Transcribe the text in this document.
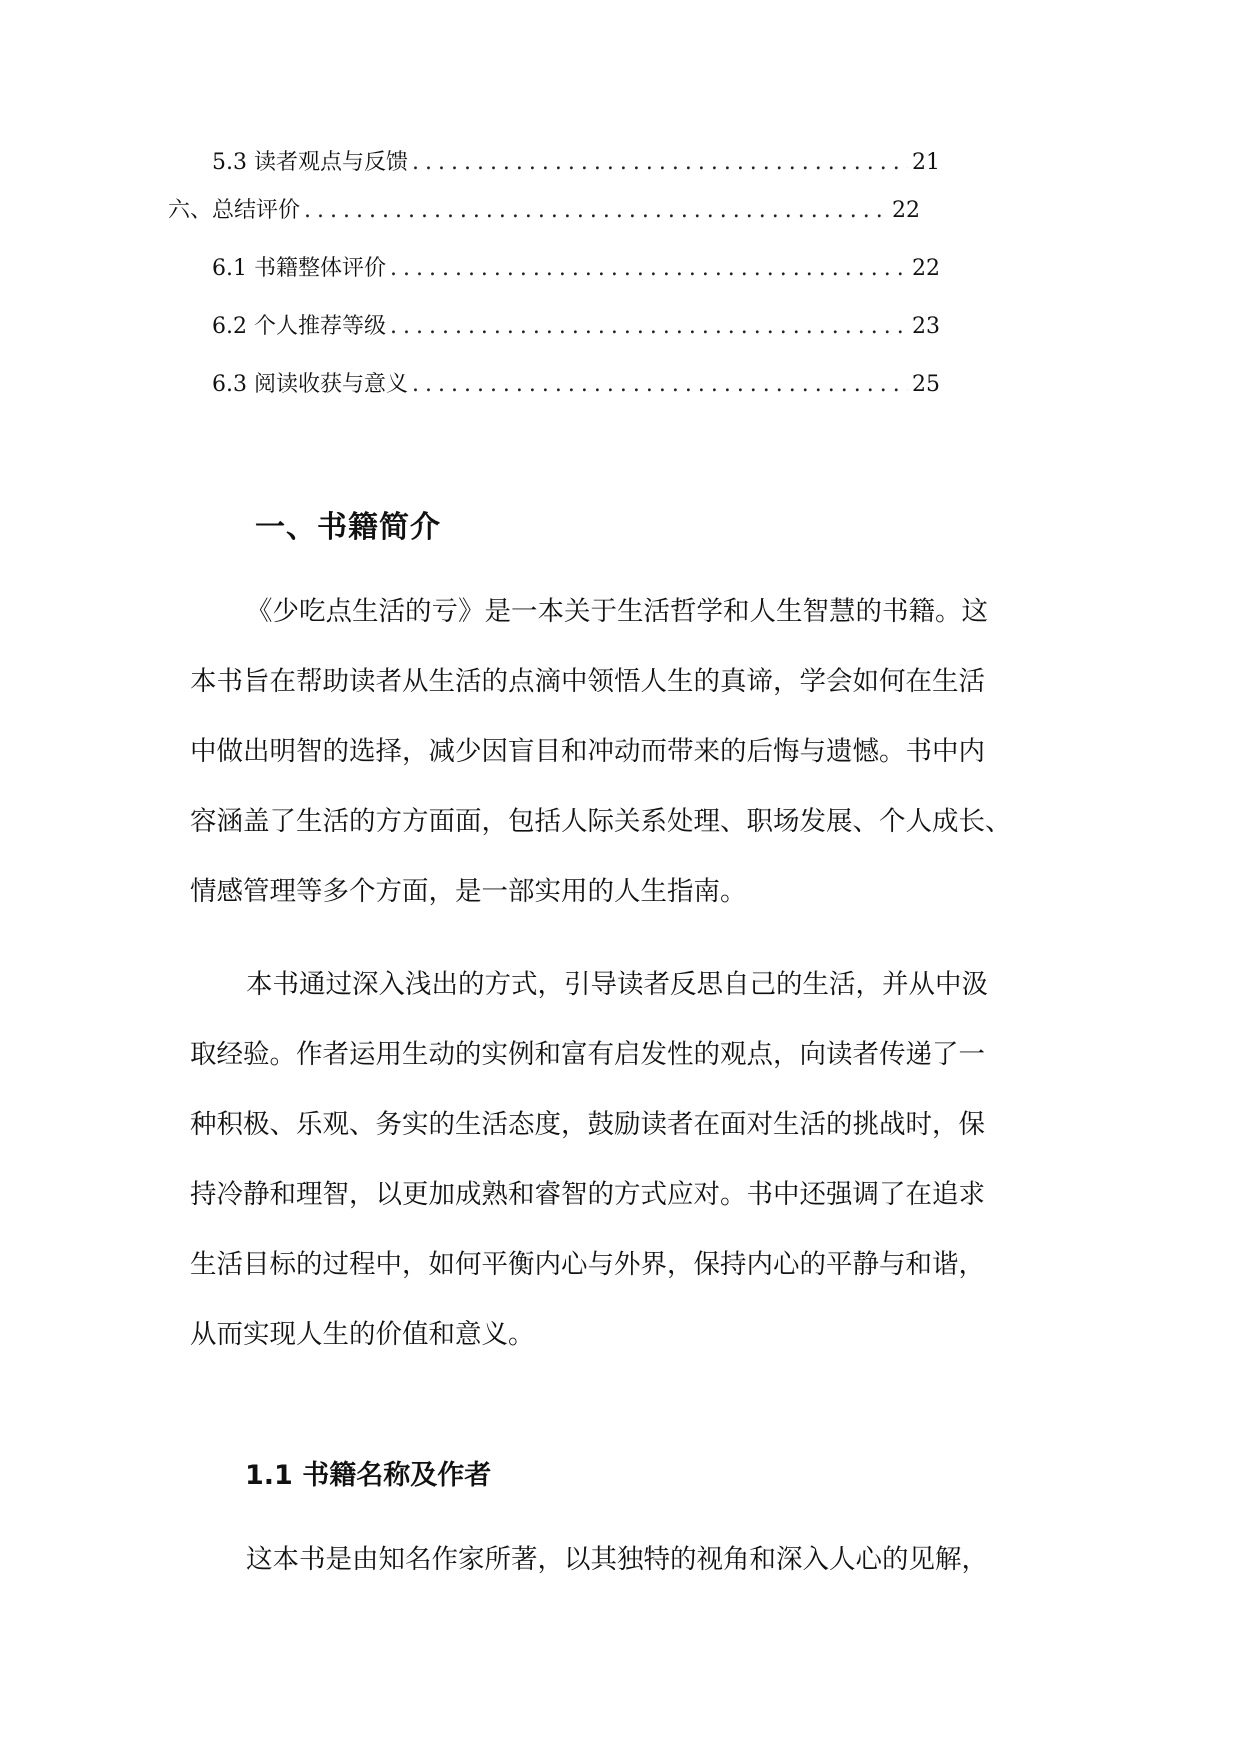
5.3 读者观点与反馈 .....	21
六、总结评价 .....	22
6.1 书籍整体评价 .....	22
6.2 个人推荐等级 .....	23
6.3 阅读收获与意义 .....	25
一、书籍简介
《少吃点生活的亏》是一本关于生活哲学和人生智慧的书籍。这
本书旨在帮助读者从生活的点滴中领悟人生的真谛，学会如何在生活
中做出明智的选择，减少因盲目和冲动而带来的后悔与遗憾。书中内
容涵盖了生活的方方面面，包括人际关系处理、职场发展、个人成长、
情感管理等多个方面，是一部实用的人生指南。
本书通过深入浅出的方式，引导读者反思自己的生活，并从中汲
取经验。作者运用生动的实例和富有启发性的观点，向读者传递了一
种积极、乐观、务实的生活态度，鼓励读者在面对生活的挑战时，保
持冷静和理智，以更加成熟和睿智的方式应对。书中还强调了在追求
生活目标的过程中，如何平衡内心与外界，保持内心的平静与和谐，
从而实现人生的价值和意义。
1.1 书籍名称及作者
这本书是由知名作家所著，以其独特的视角和深入人心的见解，
